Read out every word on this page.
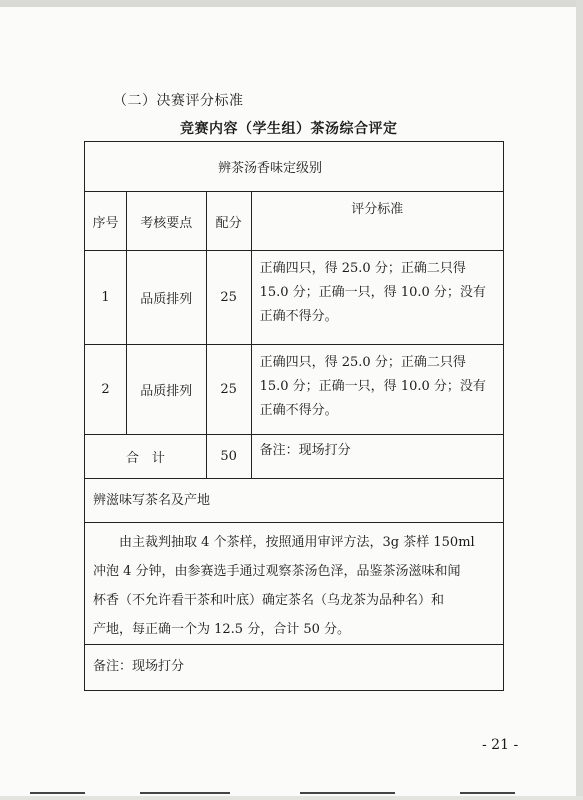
（二）决赛评分标准
竞赛内容（学生组）茶汤综合评定
辨茶汤香味定级别			
序号	考核要点	配分	评分标准
1	品质排列	25	正确四只，得 25.0 分；正确二只得
15.0 分；正确一只，得 10.0 分；没有
正确不得分。

2	品质排列	25	正确四只，得 25.0 分；正确二只得
15.0 分；正确一只，得 10.0 分；没有
正确不得分。

合　计		50	备注：现场打分
辨滋味写茶名及产地
由主裁判抽取 4 个茶样，按照通用审评方法，3g 茶样 150ml
冲泡 4 分钟，由参赛选手通过观察茶汤色泽，品鉴茶汤滋味和闻
杯香（不允许看干茶和叶底）确定茶名（乌龙茶为品种名）和
产地，每正确一个为 12.5 分，合计 50 分。
备注：现场打分
- 21 -
